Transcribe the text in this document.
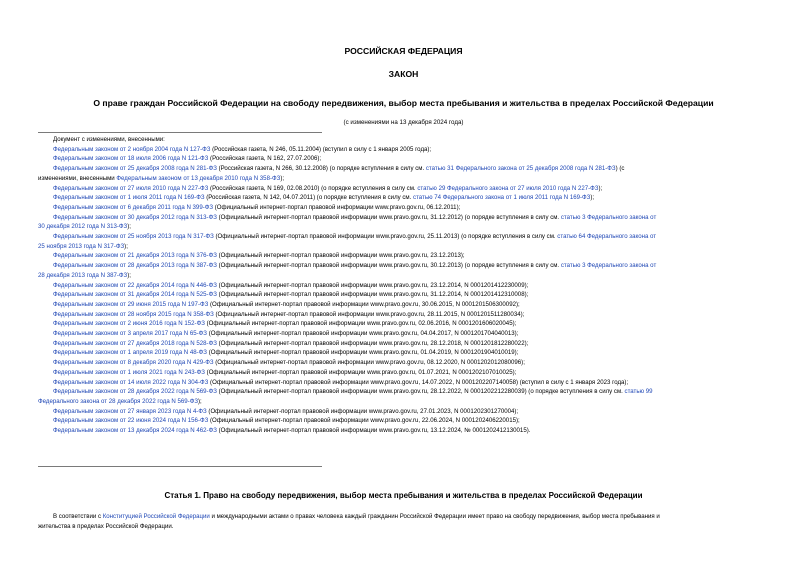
РОССИЙСКАЯ ФЕДЕРАЦИЯ
ЗАКОН
О праве граждан Российской Федерации на свободу передвижения, выбор места пребывания и жительства в пределах Российской Федерации
(с изменениями на 13 декабря 2024 года)
Документ с изменениями, внесенными:
Федеральным законом от 2 ноября 2004 года N 127-ФЗ (Российская газета, N 246, 05.11.2004) (вступил в силу с 1 января 2005 года);
Федеральным законом от 18 июля 2006 года N 121-ФЗ (Российская газета, N 162, 27.07.2006);
Федеральным законом от 25 декабря 2008 года N 281-ФЗ (Российская газета, N 266, 30.12.2008) (о порядке вступления в силу см. статью 31 Федерального закона от 25 декабря 2008 года N 281-ФЗ) (с
изменениями, внесенными Федеральным законом от 13 декабря 2010 года N 358-ФЗ);
Федеральным законом от 27 июля 2010 года N 227-ФЗ (Российская газета, N 169, 02.08.2010) (о порядке вступления в силу см. статью 29 Федерального закона от 27 июля 2010 года N 227-ФЗ);
Федеральным законом от 1 июля 2011 года N 169-ФЗ (Российская газета, N 142, 04.07.2011) (о порядке вступления в силу см. статью 74 Федерального закона от 1 июля 2011 года N 169-ФЗ);
Федеральным законом от 6 декабря 2011 года N 399-ФЗ (Официальный интернет-портал правовой информации www.pravo.gov.ru, 06.12.2011);
Федеральным законом от 30 декабря 2012 года N 313-ФЗ (Официальный интернет-портал правовой информации www.pravo.gov.ru, 31.12.2012) (о порядке вступления в силу см. статью 3 Федерального закона от
30 декабря 2012 года N 313-ФЗ);
Федеральным законом от 25 ноября 2013 года N 317-ФЗ (Официальный интернет-портал правовой информации www.pravo.gov.ru, 25.11.2013) (о порядке вступления в силу см. статью 64 Федерального закона от
25 ноября 2013 года N 317-ФЗ);
Федеральным законом от 21 декабря 2013 года N 376-ФЗ (Официальный интернет-портал правовой информации www.pravo.gov.ru, 23.12.2013);
Федеральным законом от 28 декабря 2013 года N 387-ФЗ (Официальный интернет-портал правовой информации www.pravo.gov.ru, 30.12.2013) (о порядке вступления в силу см. статью 3 Федерального закона от
28 декабря 2013 года N 387-ФЗ);
Федеральным законом от 22 декабря 2014 года N 446-ФЗ (Официальный интернет-портал правовой информации www.pravo.gov.ru, 23.12.2014, N 0001201412230009);
Федеральным законом от 31 декабря 2014 года N 525-ФЗ (Официальный интернет-портал правовой информации www.pravo.gov.ru, 31.12.2014, N 0001201412310008);
Федеральным законом от 29 июня 2015 года N 197-ФЗ (Официальный интернет-портал правовой информации www.pravo.gov.ru, 30.06.2015, N 0001201506300092);
Федеральным законом от 28 ноября 2015 года N 358-ФЗ (Официальный интернет-портал правовой информации www.pravo.gov.ru, 28.11.2015, N 0001201511280034);
Федеральным законом от 2 июня 2016 года N 152-ФЗ (Официальный интернет-портал правовой информации www.pravo.gov.ru, 02.06.2016, N 0001201606020045);
Федеральным законом от 3 апреля 2017 года N 65-ФЗ (Официальный интернет-портал правовой информации www.pravo.gov.ru, 04.04.2017, N 0001201704040013);
Федеральным законом от 27 декабря 2018 года N 528-ФЗ (Официальный интернет-портал правовой информации www.pravo.gov.ru, 28.12.2018, N 0001201812280022);
Федеральным законом от 1 апреля 2019 года N 48-ФЗ (Официальный интернет-портал правовой информации www.pravo.gov.ru, 01.04.2019, N 0001201904010019);
Федеральным законом от 8 декабря 2020 года N 429-ФЗ (Официальный интернет-портал правовой информации www.pravo.gov.ru, 08.12.2020, N 0001202012080096);
Федеральным законом от 1 июля 2021 года N 243-ФЗ (Официальный интернет-портал правовой информации www.pravo.gov.ru, 01.07.2021, N 0001202107010025);
Федеральным законом от 14 июля 2022 года N 304-ФЗ (Официальный интернет-портал правовой информации www.pravo.gov.ru, 14.07.2022, N 0001202207140058) (вступил в силу с 1 января 2023 года);
Федеральным законом от 28 декабря 2022 года N 569-ФЗ (Официальный интернет-портал правовой информации www.pravo.gov.ru, 28.12.2022, N 0001202212280039) (о порядке вступления в силу см. статью 99
Федерального закона от 28 декабря 2022 года N 569-ФЗ);
Федеральным законом от 27 января 2023 года N 4-ФЗ (Официальный интернет-портал правовой информации www.pravo.gov.ru, 27.01.2023, N 0001202301270004);
Федеральным законом от 22 июня 2024 года N 156-ФЗ (Официальный интернет-портал правовой информации www.pravo.gov.ru, 22.06.2024, N 0001202406220015);
Федеральным законом от 13 декабря 2024 года N 462-ФЗ (Официальный интернет-портал правовой информации www.pravo.gov.ru, 13.12.2024, № 0001202412130015).
Статья 1. Право на свободу передвижения, выбор места пребывания и жительства в пределах Российской Федерации
В соответствии с Конституцией Российской Федерации и международными актами о правах человека каждый гражданин Российской Федерации имеет право на свободу передвижения, выбор места пребывания и
жительства в пределах Российской Федерации.
